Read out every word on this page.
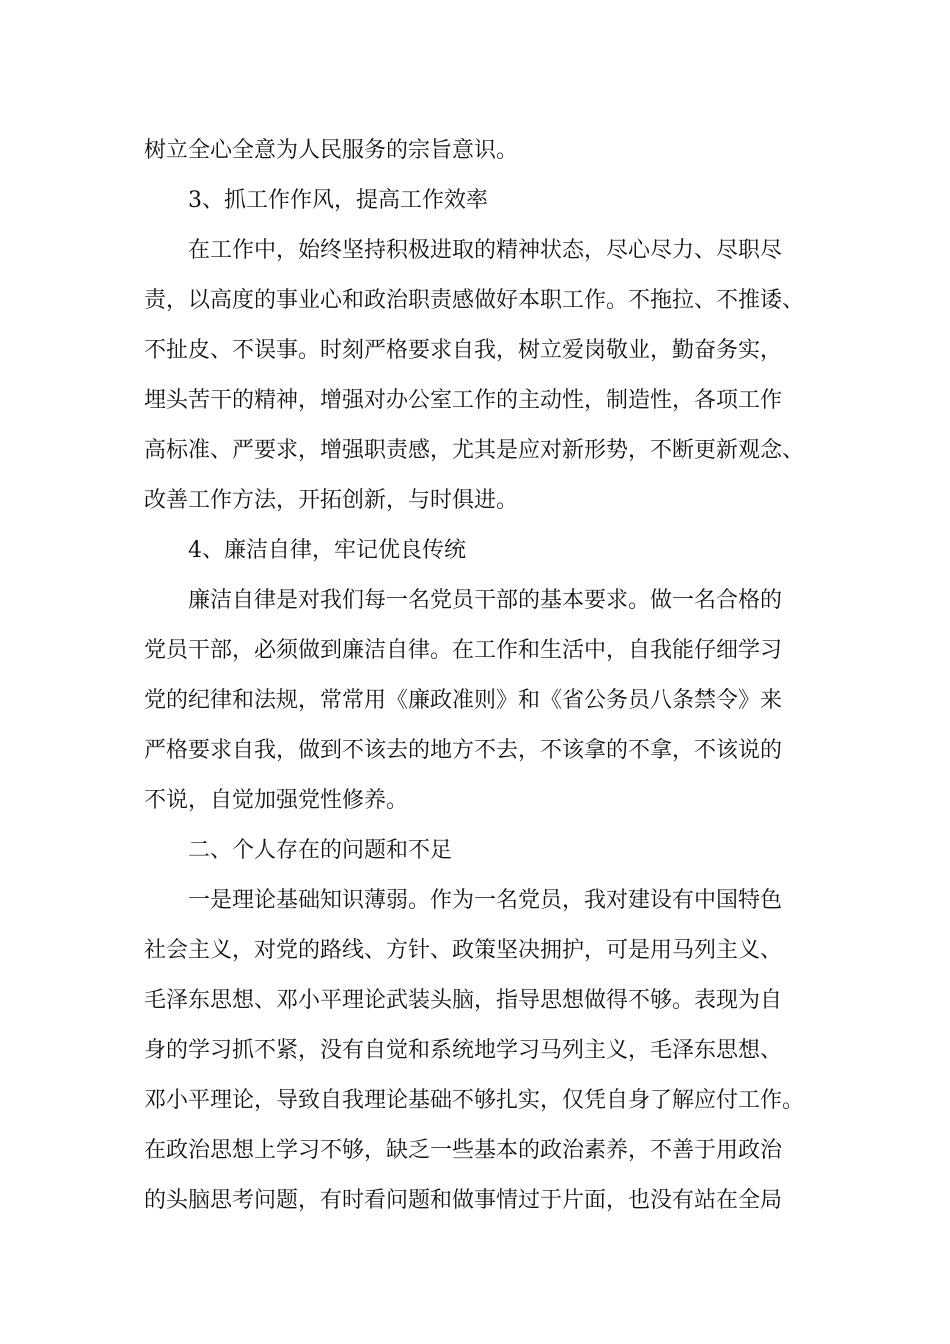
树立全心全意为人民服务的宗旨意识。
3、抓工作作风，提高工作效率
在工作中，始终坚持积极进取的精神状态，尽心尽力、尽职尽
责，以高度的事业心和政治职责感做好本职工作。不拖拉、不推诿、
不扯皮、不误事。时刻严格要求自我，树立爱岗敬业，勤奋务实，
埋头苦干的精神，增强对办公室工作的主动性，制造性，各项工作
高标准、严要求，增强职责感，尤其是应对新形势，不断更新观念、
改善工作方法，开拓创新，与时俱进。
4、廉洁自律，牢记优良传统
廉洁自律是对我们每一名党员干部的基本要求。做一名合格的
党员干部，必须做到廉洁自律。在工作和生活中，自我能仔细学习
党的纪律和法规，常常用《廉政准则》和《省公务员八条禁令》来
严格要求自我，做到不该去的地方不去，不该拿的不拿，不该说的
不说，自觉加强党性修养。
二、个人存在的问题和不足
一是理论基础知识薄弱。作为一名党员，我对建设有中国特色
社会主义，对党的路线、方针、政策坚决拥护，可是用马列主义、
毛泽东思想、邓小平理论武装头脑，指导思想做得不够。表现为自
身的学习抓不紧，没有自觉和系统地学习马列主义，毛泽东思想、
邓小平理论，导致自我理论基础不够扎实，仅凭自身了解应付工作。
在政治思想上学习不够，缺乏一些基本的政治素养，不善于用政治
的头脑思考问题，有时看问题和做事情过于片面，也没有站在全局
